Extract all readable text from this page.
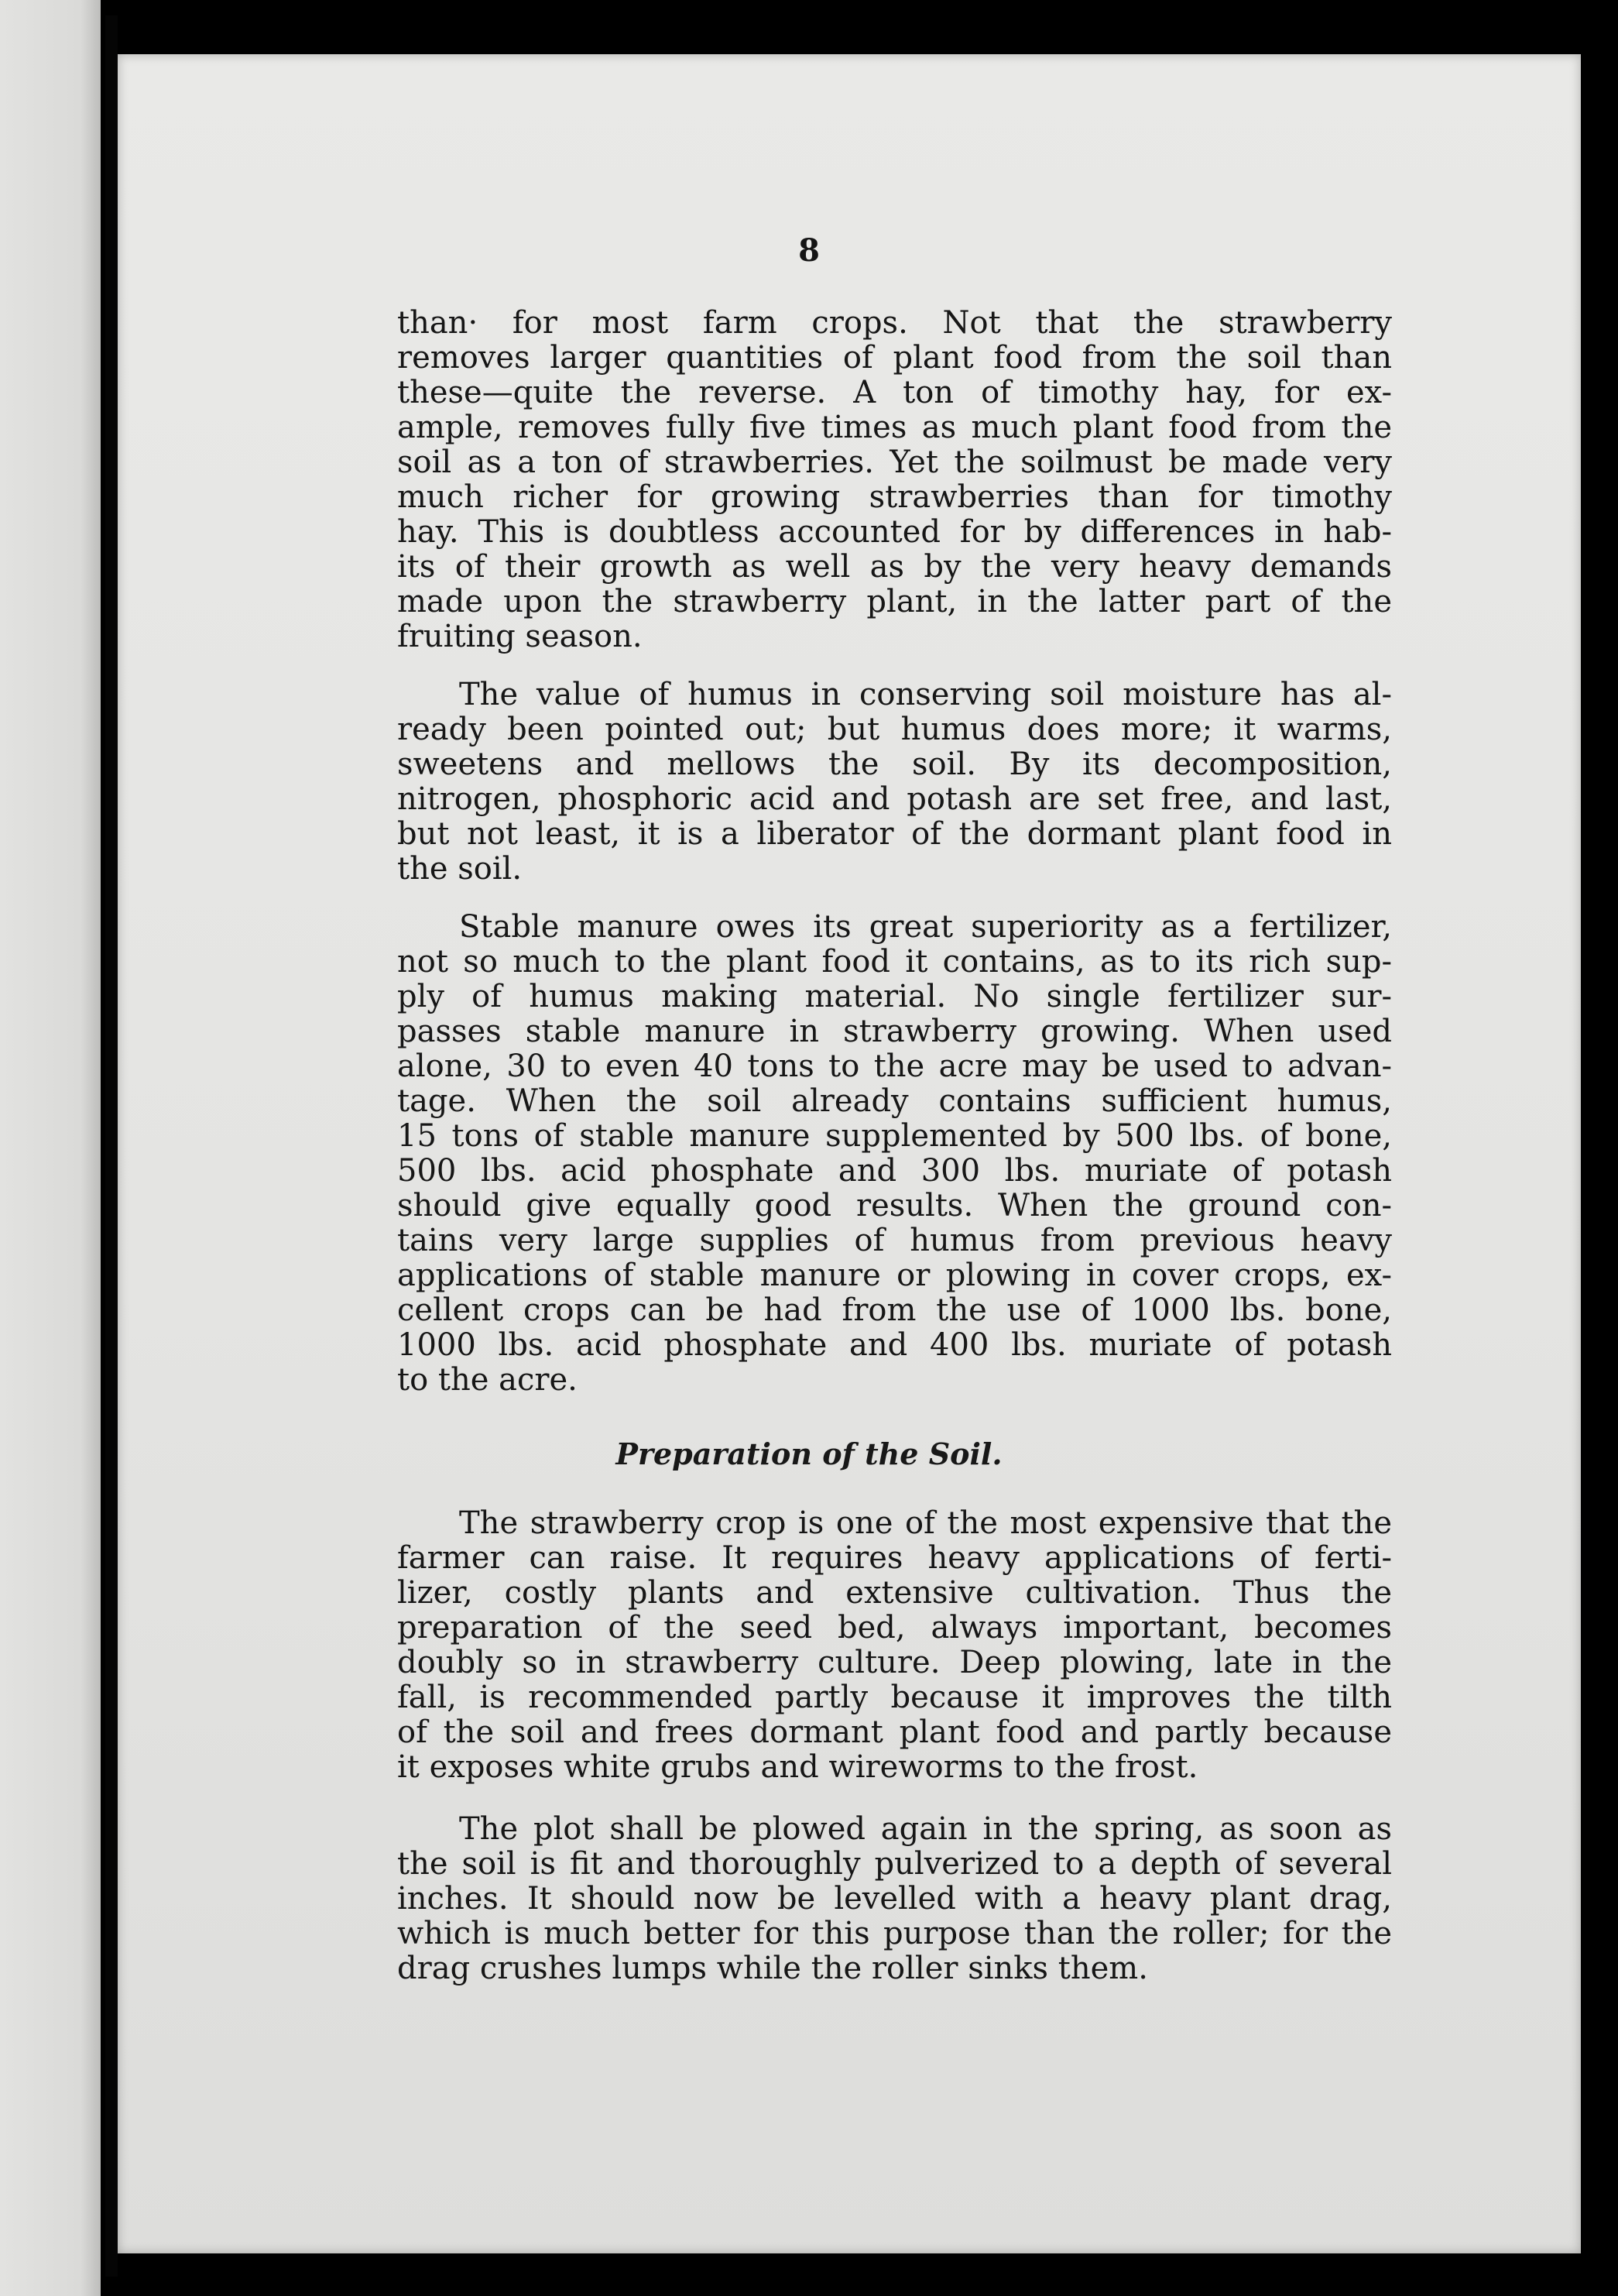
8

than· for most farm crops. Not that thе strawberry
removes larger quantities of plant food from the soil than
these—quite the reverse. A ton of timothy hay, for ex-
ample, removes fully five times as much plant food from the
soil as a ton of strawberries. Yet the soilmust be made very
much richer for growing strawberries than for timothy
hay. This is doubtless accounted for by differences in hab-
its of their growth as well as by the very heavy demands
made upon the strawberry plant, in the latter part of the
fruiting season.

The value of humus in conserving soil moisture has al-
ready been pointed out; but humus does more; it warms,
sweetens and mellows the soil. By its decomposition,
nitrogen, phosphoric acid and potash are set free, and last,
but not least, it is a liberator of the dormant plant food in
the soil.

Stable manure owes its great superiority as a fertilizer,
not so much to the plant food it contains, as to its rich sup-
ply of humus making material. No single fertilizer sur-
passes stable manure in strawberry growing. When used
alone, 30 to even 40 tons to the acre may be used to advan-
tage. When the soil already contains sufficient humus,
15 tons of stable manure supplemented by 500 lbs. of bone,
500 lbs. acid phosphate and 300 lbs. muriate of potash
should give equally good results. When the ground con-
tains very large supplies of humus from previous heavy
applications of stable manure or plowing in cover crops, ex-
cellent crops can be had from the use of 1000 lbs. bone,
1000 lbs. acid phosphate and 400 lbs. muriate of potash
to the acre.

Preparation of the Soil.

The strawberry crop is one of the most expensive that the
farmer can raise. It requires heavy applications of ferti-
lizer, costly plants and extensive cultivation. Thus the
preparation of the seed bed, always important, becomes
doubly so in strawberry culture. Deep plowing, late in the
fall, is recommended partly because it improves the tilth
of the soil and frees dormant plant food and partly because
it exposes white grubs and wireworms to the frost.

The plot shall be plowed again in the spring, as soon as
the soil is fit and thoroughly pulverized to a depth of several
inches. It should now be levelled with a heavy plant drag,
which is much better for this purpose than the roller; for the
drag crushes lumps while the roller sinks them.
